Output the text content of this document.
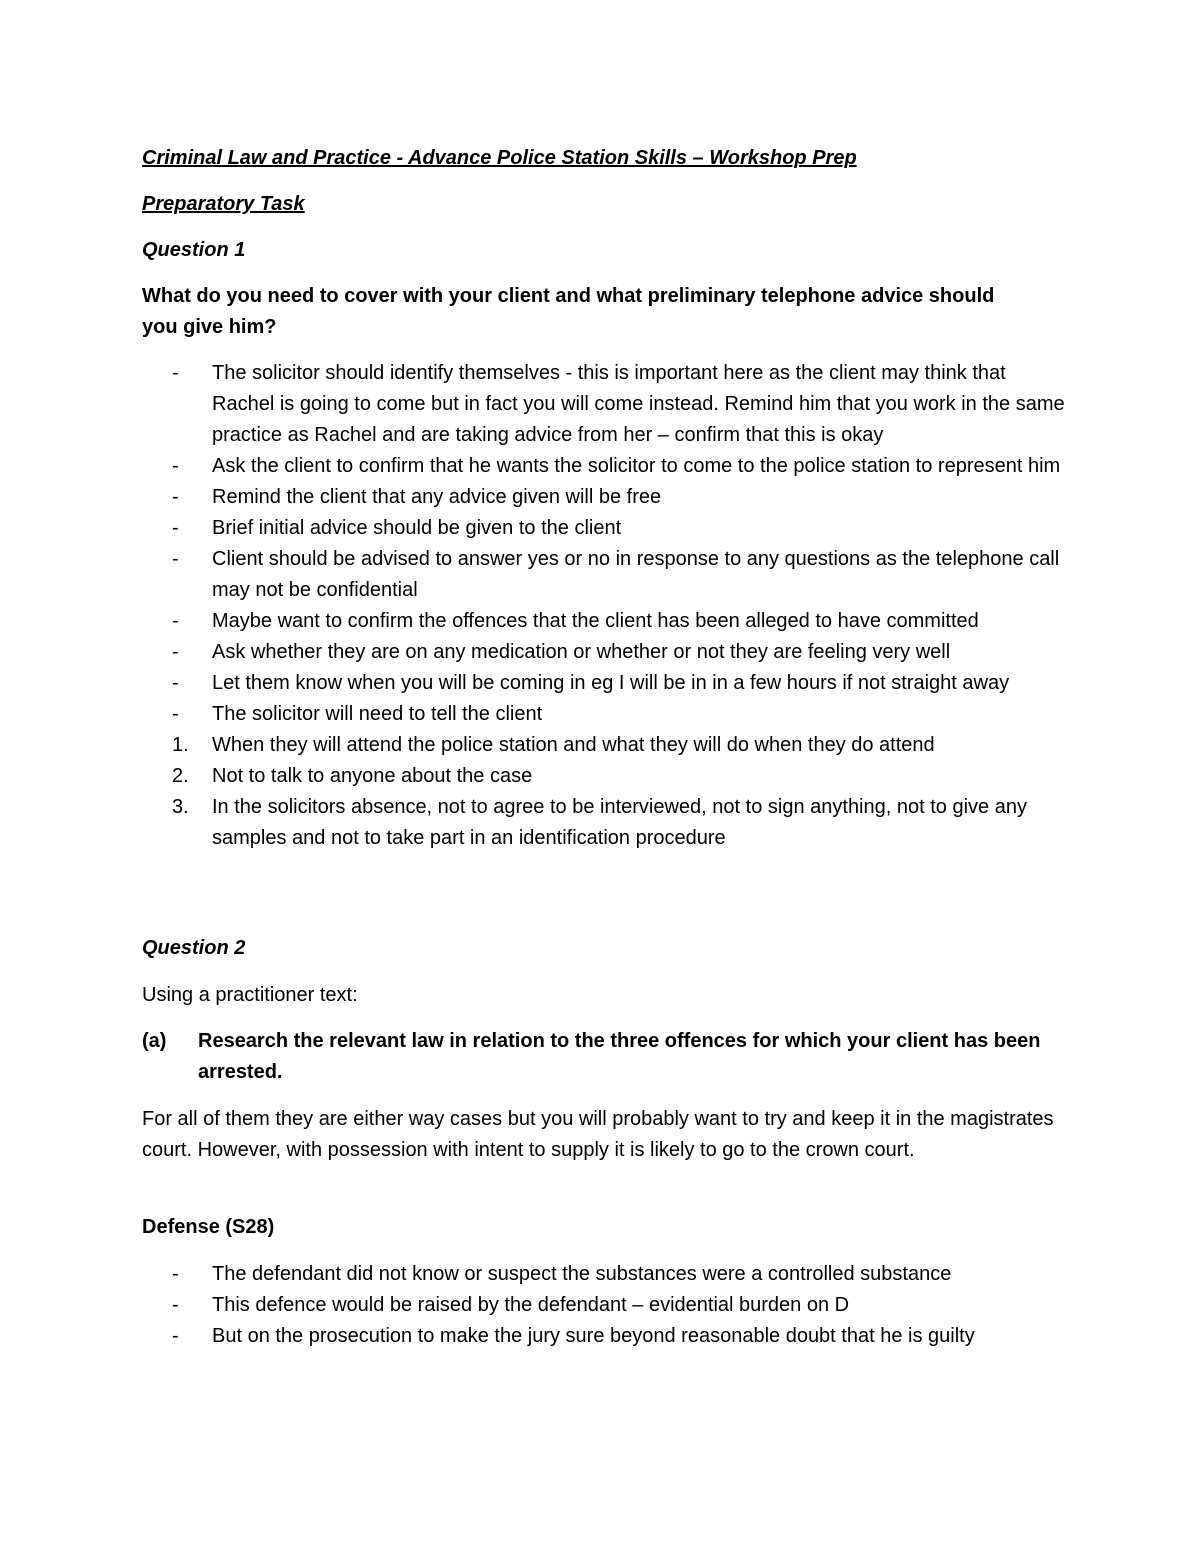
Criminal Law and Practice - Advance Police Station Skills – Workshop Prep
Preparatory Task
Question 1
What do you need to cover with your client and what preliminary telephone advice should
you give him?
- The solicitor should identify themselves - this is important here as the client may think that Rachel is going to come but in fact you will come instead. Remind him that you work in the same practice as Rachel and are taking advice from her – confirm that this is okay
- Ask the client to confirm that he wants the solicitor to come to the police station to represent him
- Remind the client that any advice given will be free
- Brief initial advice should be given to the client
- Client should be advised to answer yes or no in response to any questions as the telephone call may not be confidential
- Maybe want to confirm the offences that the client has been alleged to have committed
- Ask whether they are on any medication or whether or not they are feeling very well
- Let them know when you will be coming in eg I will be in in a few hours if not straight away
- The solicitor will need to tell the client
1. When they will attend the police station and what they will do when they do attend
2. Not to talk to anyone about the case
3. In the solicitors absence, not to agree to be interviewed, not to sign anything, not to give any samples and not to take part in an identification procedure
Question 2
Using a practitioner text:
(a) Research the relevant law in relation to the three offences for which your client has been arrested.

For all of them they are either way cases but you will probably want to try and keep it in the magistrates court. However, with possession with intent to supply it is likely to go to the crown court.

Defense (S28)
- The defendant did not know or suspect the substances were a controlled substance
- This defence would be raised by the defendant – evidential burden on D
- But on the prosecution to make the jury sure beyond reasonable doubt that he is guilty
